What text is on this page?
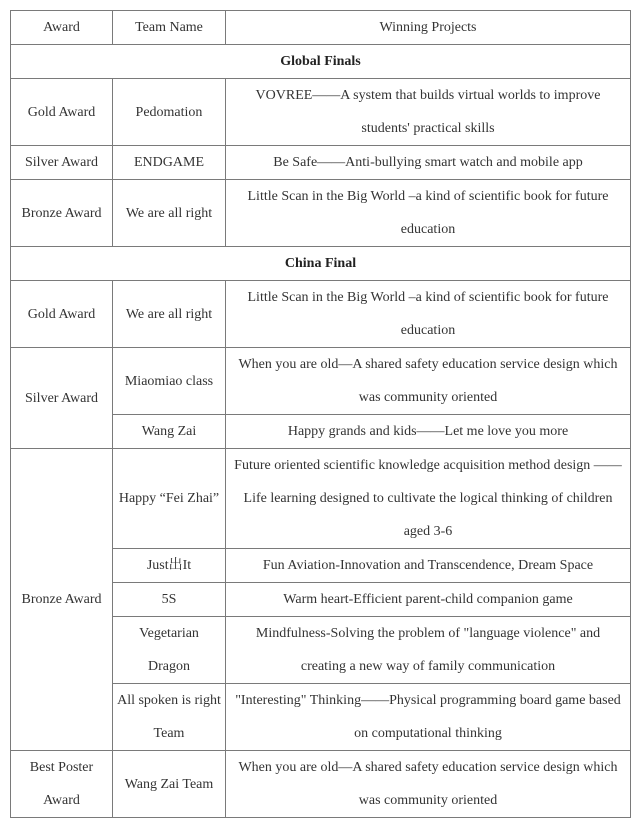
Award	Team Name	Winning Projects
Global Finals		
Gold Award	Pedomation	VOVREE——A system that builds virtual worlds to improve students' practical skills
Silver Award	ENDGAME	Be Safe——Anti-bullying smart watch and mobile app
Bronze Award	We are all right	Little Scan in the Big World –a kind of scientific book for future education
China Final		
Gold Award	We are all right	Little Scan in the Big World –a kind of scientific book for future education
Silver Award	Miaomiao class	When you are old—A shared safety education service design which was community oriented
	Wang Zai	Happy grands and kids——Let me love you more
Bronze Award	Happy “Fei Zhai”	Future oriented scientific knowledge acquisition method design ——Life learning designed to cultivate the logical thinking of children aged 3-6
	Just出It	Fun Aviation-Innovation and Transcendence, Dream Space
	5S	Warm heart-Efficient parent-child companion game
	Vegetarian Dragon	Mindfulness-Solving the problem of "language violence" and creating a new way of family communication
	All spoken is right Team	"Interesting" Thinking——Physical programming board game based on computational thinking
Best Poster Award	Wang Zai Team	When you are old—A shared safety education service design which was community oriented
